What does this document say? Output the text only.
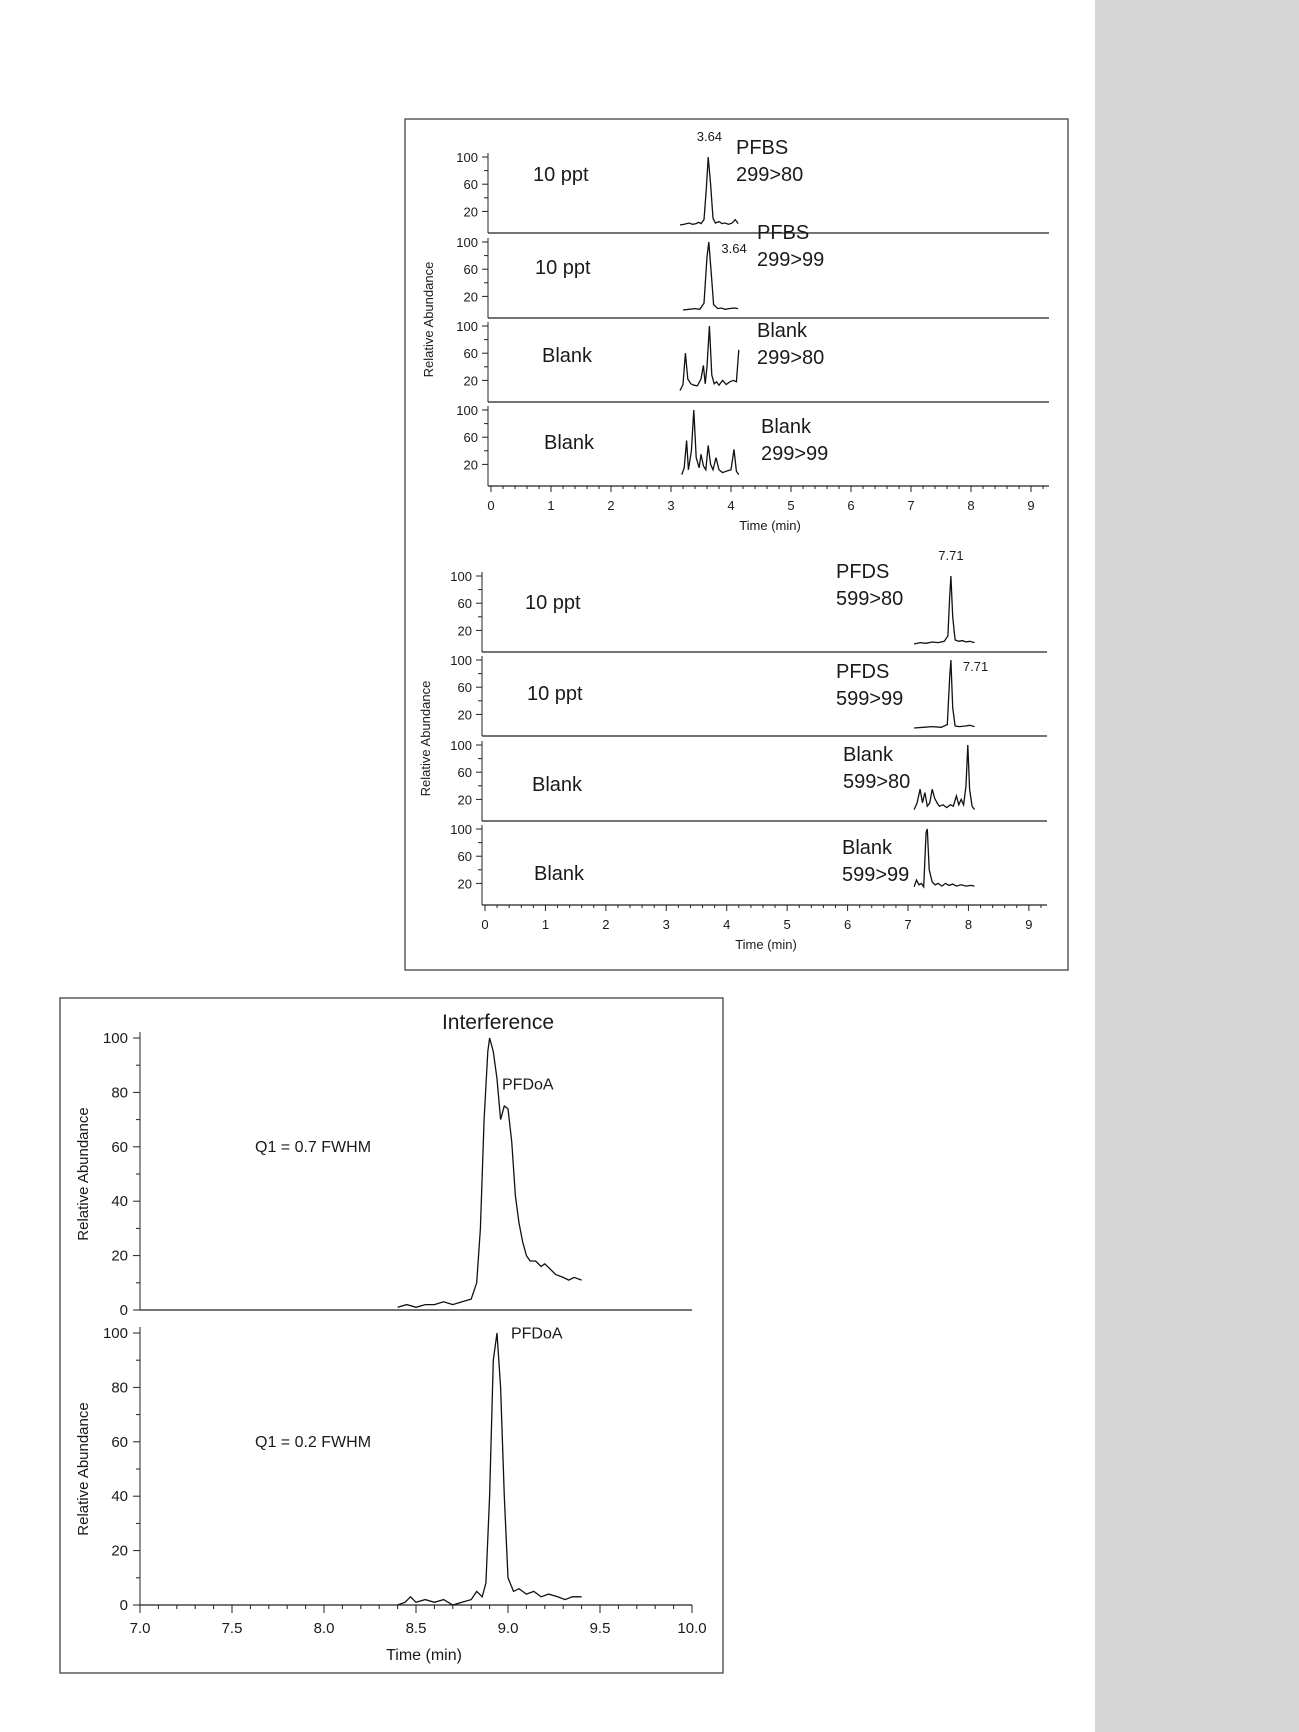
100
60
20
10 ppt
PFBS
299>80
3.64
100
60
20
10 ppt
PFBS
299>99
3.64
100
60
20
Blank
Blank
299>80
100
60
20
Blank
Blank
299>99
0	1	2	3	4	5	6	7	8	9
Time (min)
Relative Abundance
100
60
20
10 ppt
PFDS
599>80
7.71
100
60
20
10 ppt
PFDS
599>99
7.71
100
60
20
Blank
Blank
599>80
100
60
20	Blank
Blank
599>99
0	1	2	3	4	5	6	7	8	9
Time (min)
Relative Abundance
0
20
40
60
80
100
Q1 = 0.7 FWHM
PFDoA
Relative Abundance
0
20
40
60
80
100
Q1 = 0.2 FWHM
PFDoA
Relative Abundance
7.0	7.5	8.0	8.5	9.0	9.5	10.0
Time (min)
Interference
